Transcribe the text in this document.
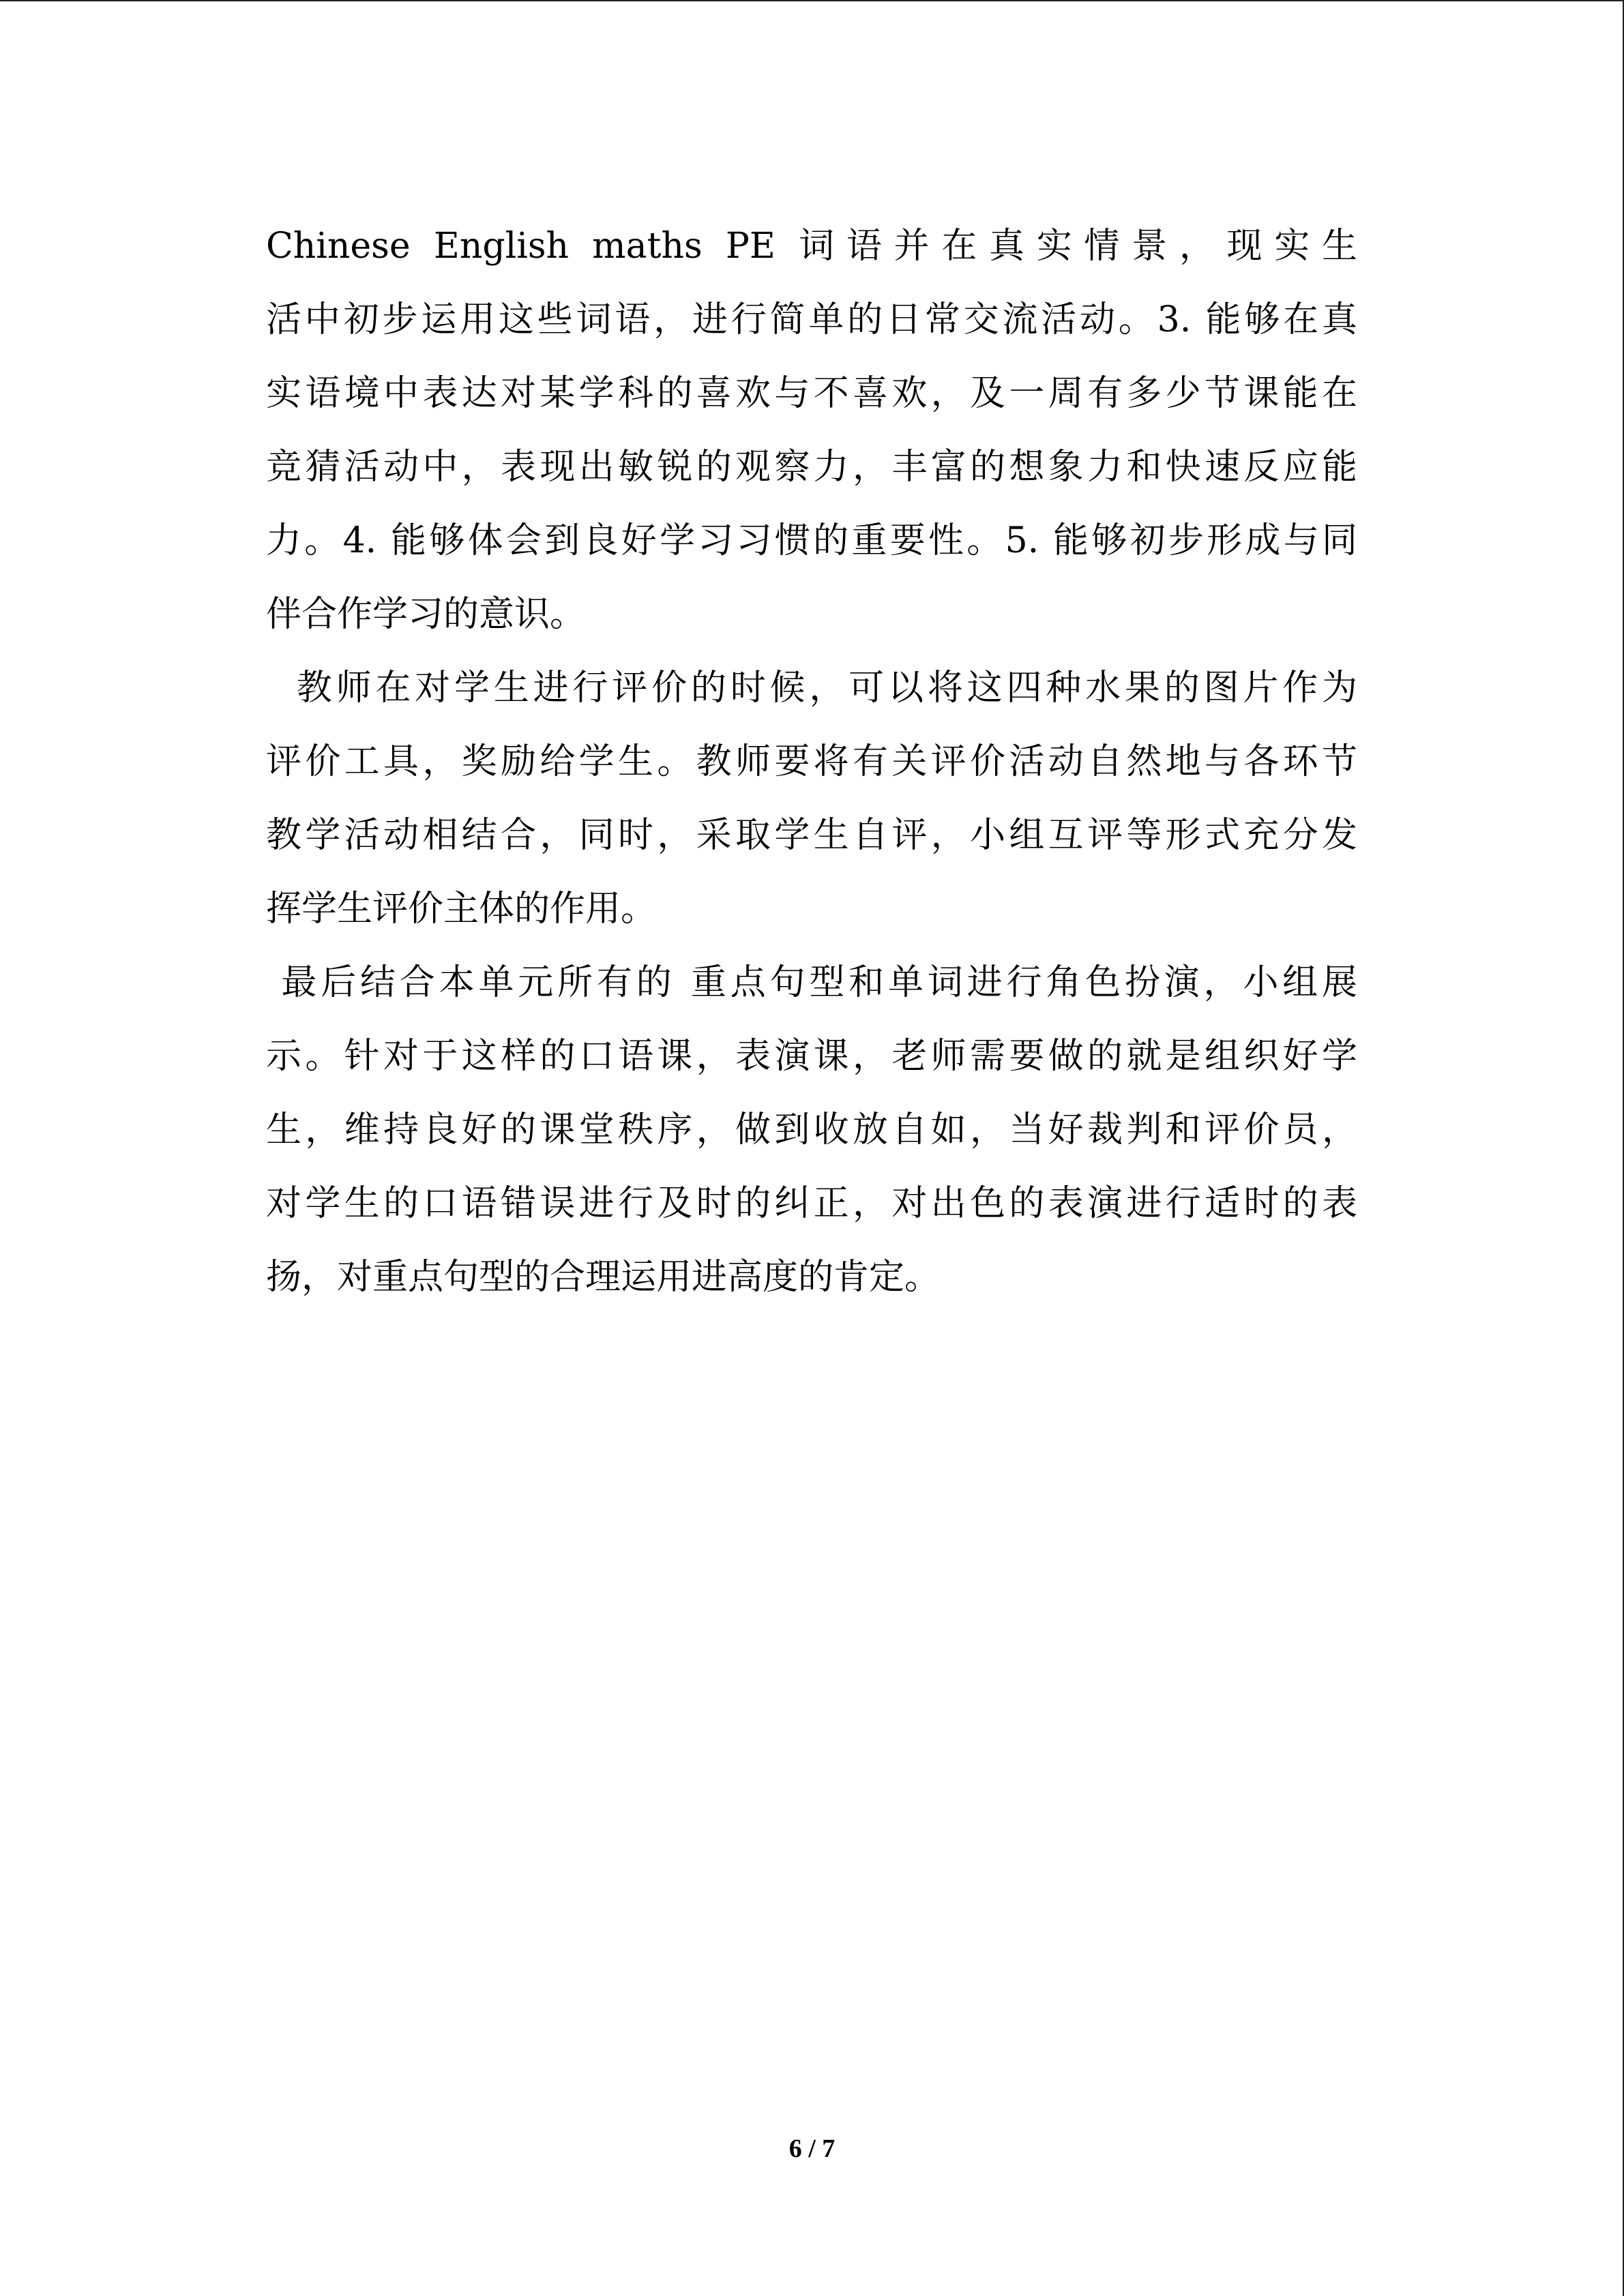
Chinese English maths PE 词语并在真实情景，现实生
活中初步运用这些词语，进行简单的日常交流活动。3. 能够在真
实语境中表达对某学科的喜欢与不喜欢，及一周有多少节课能在
竞猜活动中，表现出敏锐的观察力，丰富的想象力和快速反应能
力。4. 能够体会到良好学习习惯的重要性。5. 能够初步形成与同
伴合作学习的意识。
教师在对学生进行评价的时候，可以将这四种水果的图片作为
评价工具，奖励给学生。教师要将有关评价活动自然地与各环节
教学活动相结合，同时，采取学生自评，小组互评等形式充分发
挥学生评价主体的作用。
最后结合本单元所有的 重点句型和单词进行角色扮演，小组展
示。针对于这样的口语课，表演课，老师需要做的就是组织好学
生，维持良好的课堂秩序，做到收放自如，当好裁判和评价员，
对学生的口语错误进行及时的纠正，对出色的表演进行适时的表
扬，对重点句型的合理运用进高度的肯定。
6 / 7
